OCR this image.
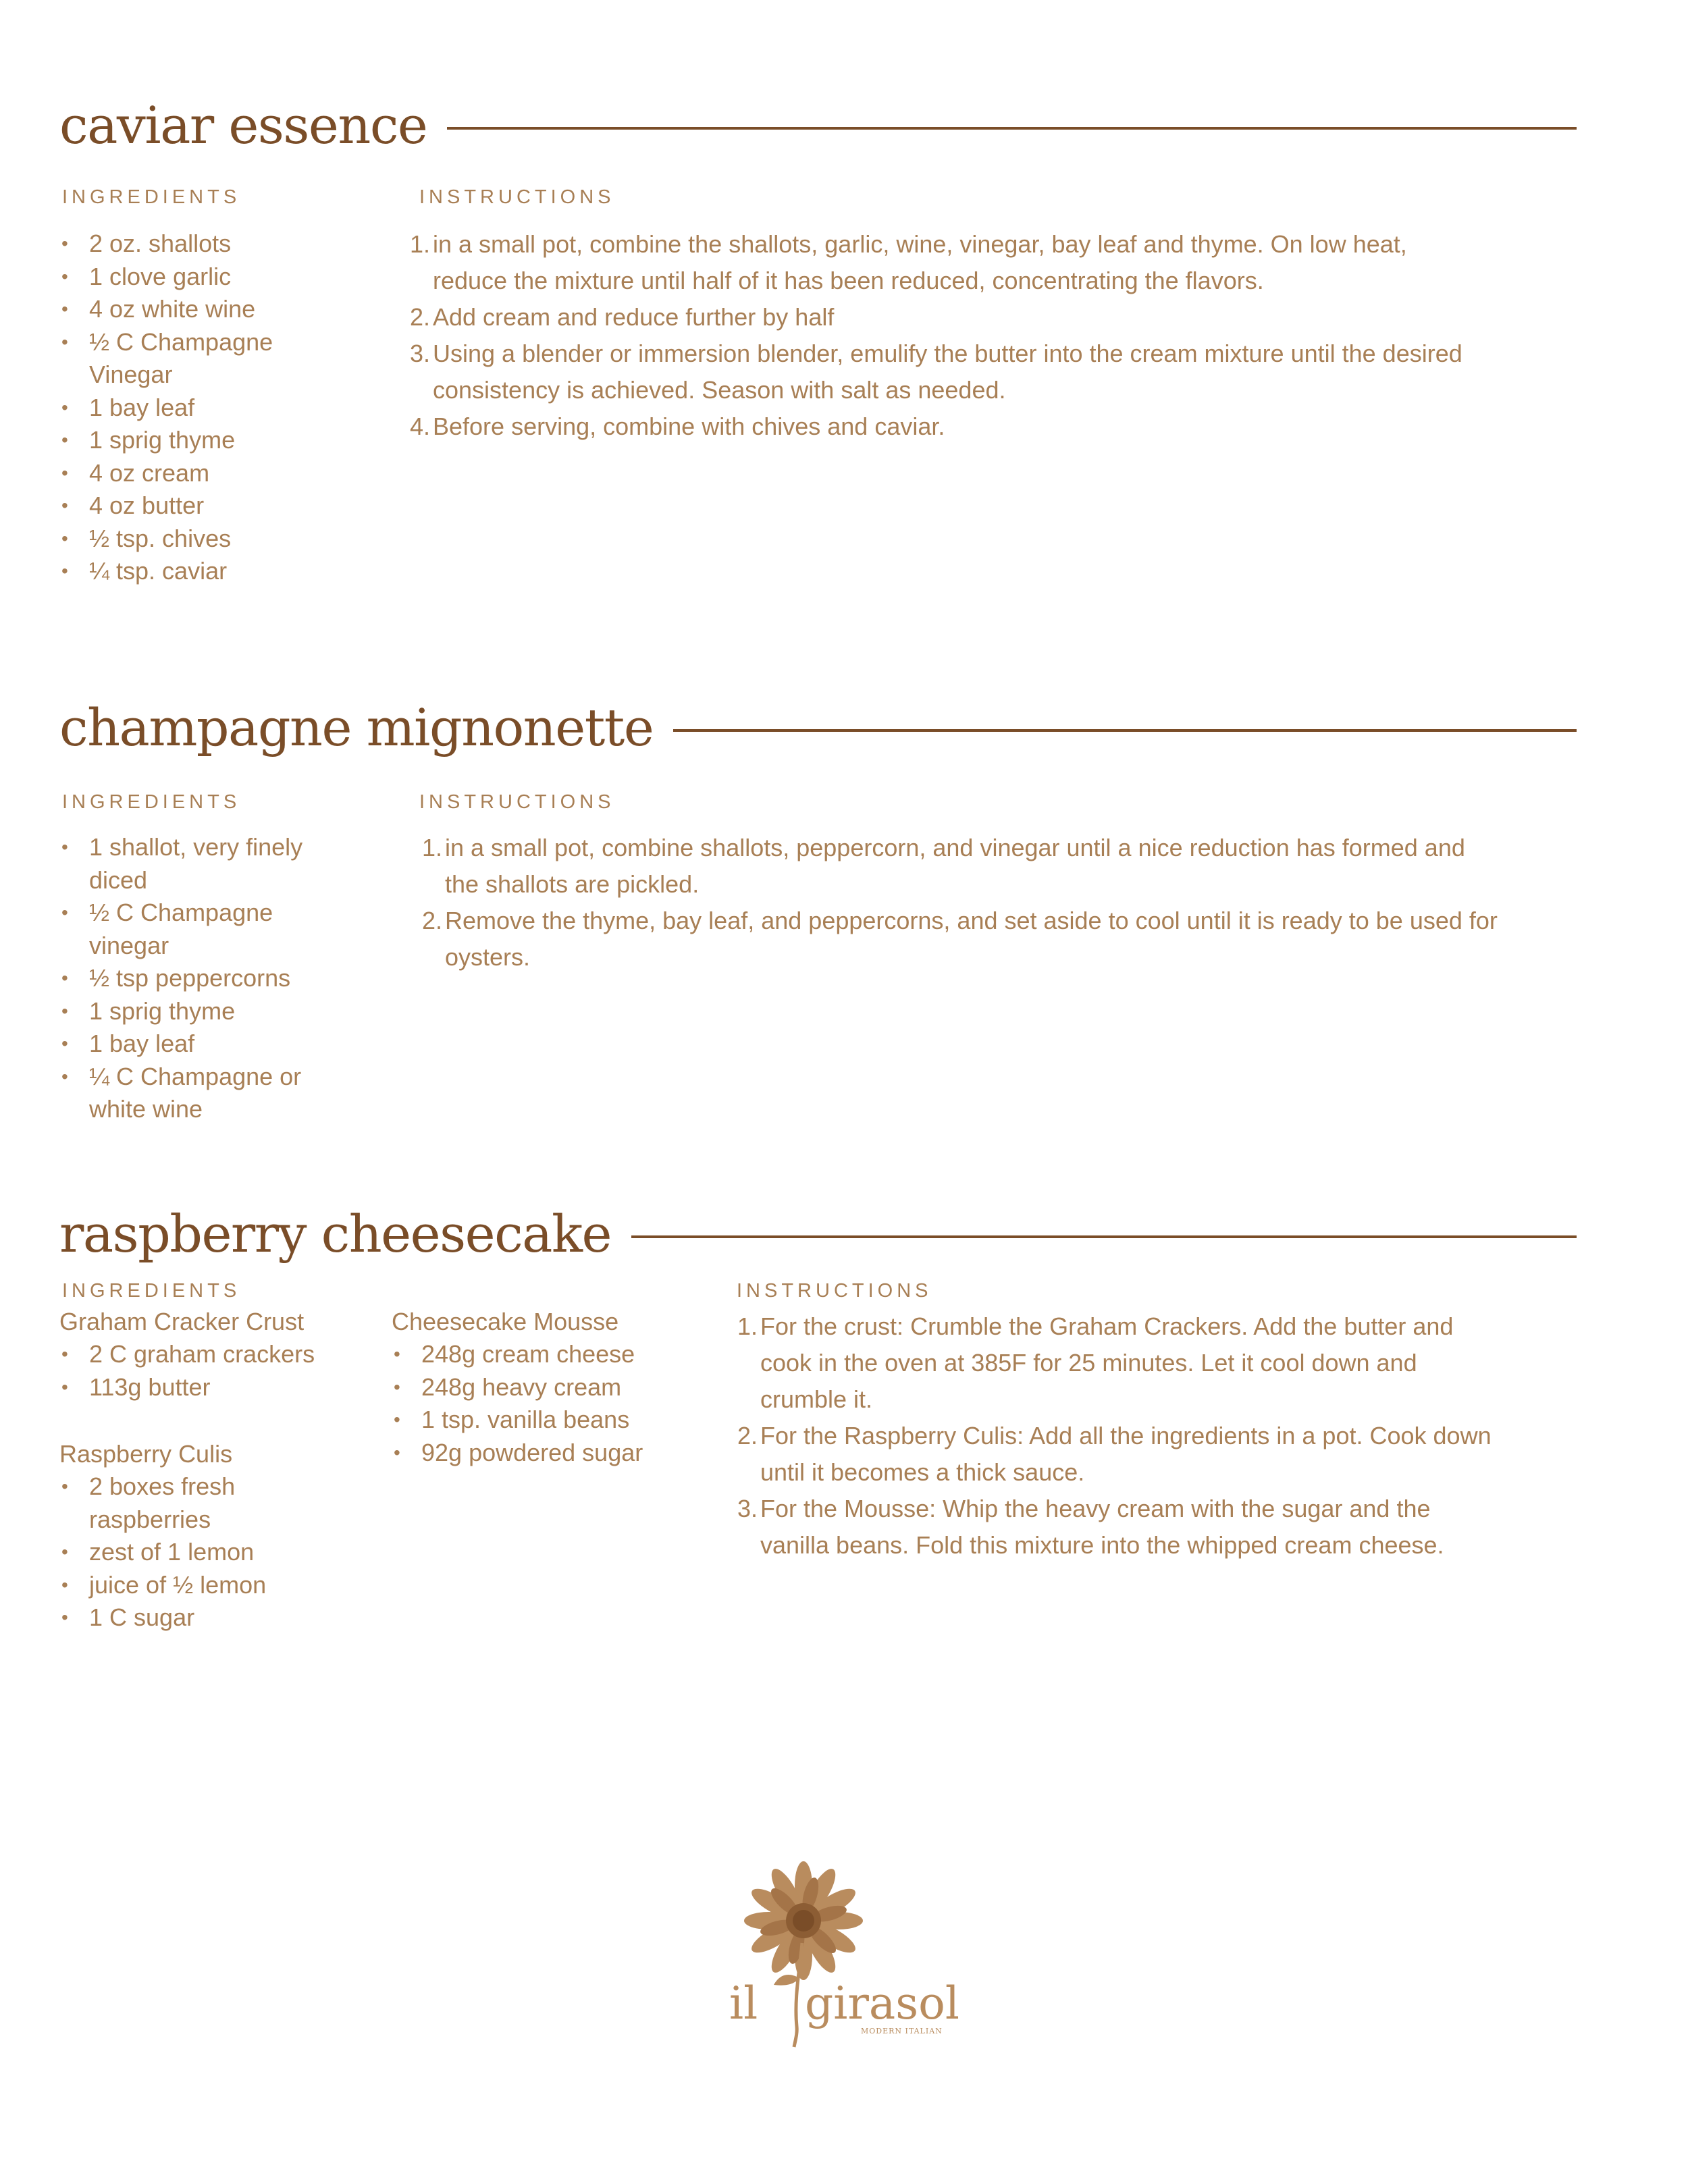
caviar essence
INGREDIENTS	INSTRUCTIONS
• 2 oz. shallots
• 1 clove garlic
• 4 oz white wine
• ½ C Champagne Vinegar
• 1 bay leaf
• 1 sprig thyme
• 4 oz cream
• 4 oz butter
• ½ tsp. chives
• ¼ tsp. caviar
1. in a small pot, combine the shallots, garlic, wine, vinegar, bay leaf and thyme. On low heat, reduce the mixture until half of it has been reduced, concentrating the flavors.
2. Add cream and reduce further by half
3. Using a blender or immersion blender, emulify the butter into the cream mixture until the desired consistency is achieved. Season with salt as needed.
4. Before serving, combine with chives and caviar.
champagne mignonette
INGREDIENTS	INSTRUCTIONS
• 1 shallot, very finely diced
• ½ C Champagne vinegar
• ½ tsp peppercorns
• 1 sprig thyme
• 1 bay leaf
• ¼ C Champagne or white wine
1. in a small pot, combine shallots, peppercorn, and vinegar until a nice reduction has formed and the shallots are pickled.
2. Remove the thyme, bay leaf, and peppercorns, and set aside to cool until it is ready to be used for oysters.
raspberry cheesecake
INGREDIENTS	INSTRUCTIONS
Graham Cracker Crust
• 2 C graham crackers
• 113g butter
Raspberry Culis
• 2 boxes fresh raspberries
• zest of 1 lemon
• juice of ½ lemon
• 1 C sugar
Cheesecake Mousse
• 248g cream cheese
• 248g heavy cream
• 1 tsp. vanilla beans
• 92g powdered sugar
1. For the crust: Crumble the Graham Crackers. Add the butter and cook in the oven at 385F for 25 minutes. Let it cool down and crumble it.
2. For the Raspberry Culis: Add all the ingredients in a pot. Cook down until it becomes a thick sauce.
3. For the Mousse: Whip the heavy cream with the sugar and the vanilla beans. Fold this mixture into the whipped cream cheese.
il girasol
MODERN ITALIAN
